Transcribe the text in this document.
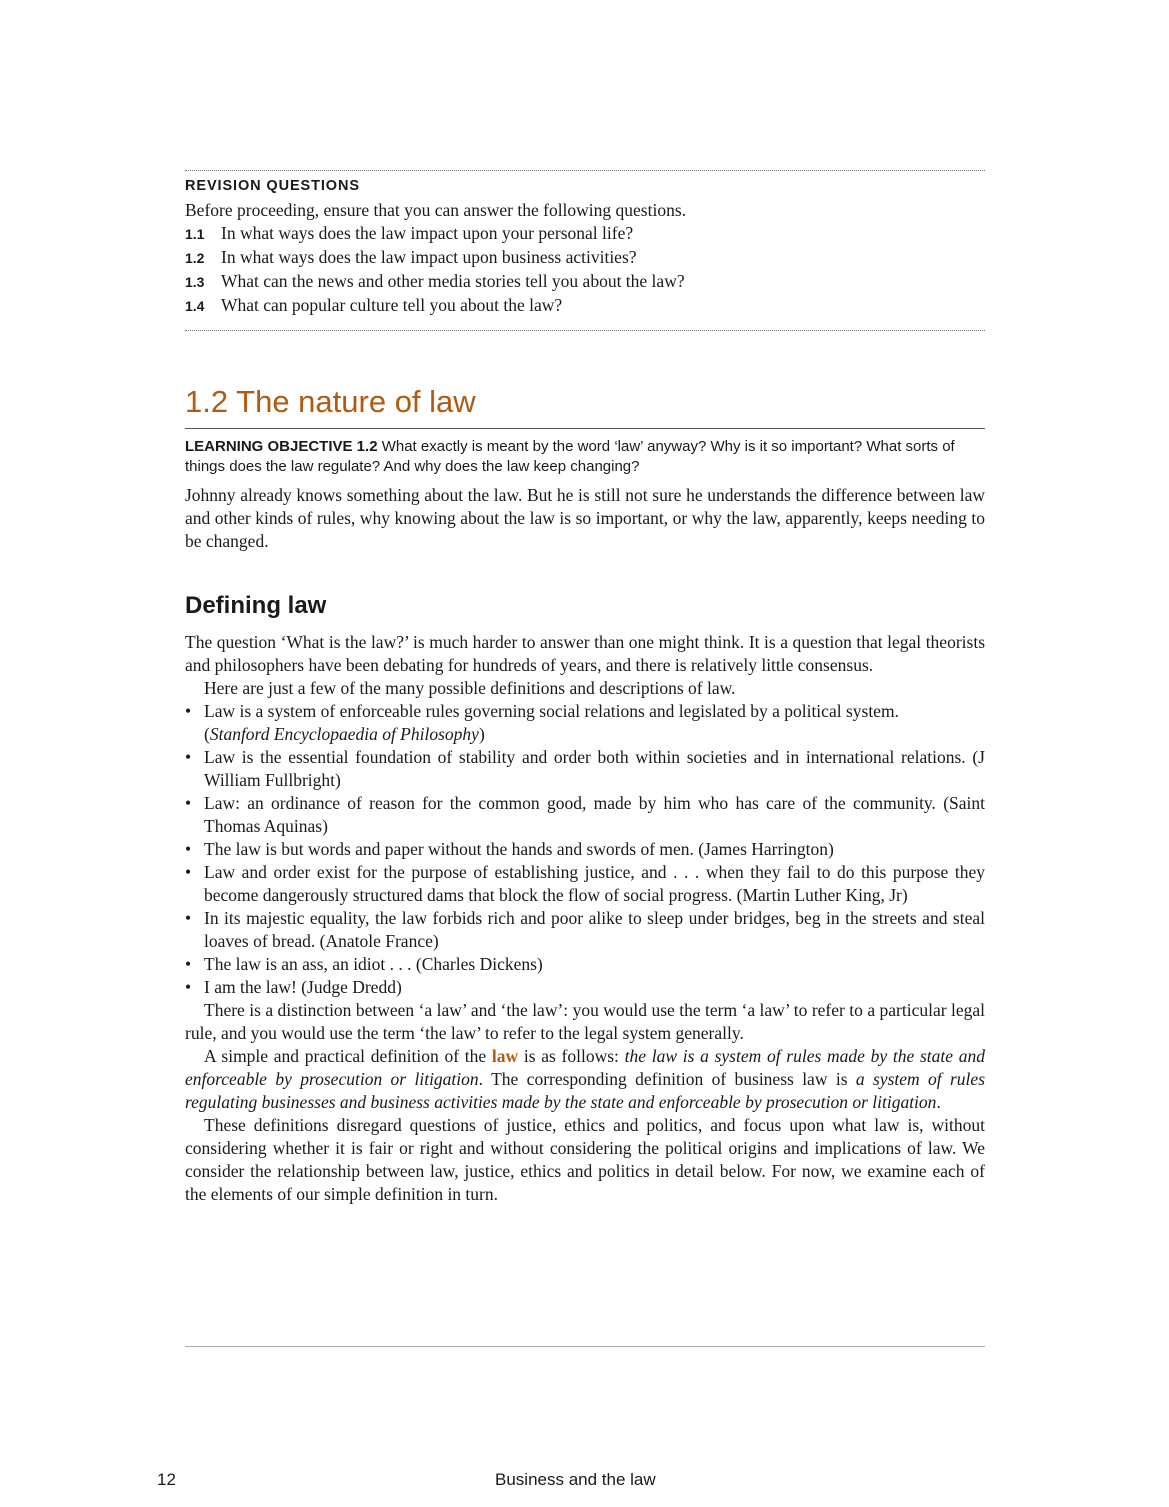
REVISION QUESTIONS

Before proceeding, ensure that you can answer the following questions.

1.1 In what ways does the law impact upon your personal life?

1.2 In what ways does the law impact upon business activities?

1.3 What can the news and other media stories tell you about the law?

1.4 What can popular culture tell you about the law?

1.2 The nature of law

LEARNING OBJECTIVE 1.2 What exactly is meant by the word ‘law’ anyway? Why is it so important? What sorts of things does the law regulate? And why does the law keep changing?

Johnny already knows something about the law. But he is still not sure he understands the difference between law and other kinds of rules, why knowing about the law is so important, or why the law, apparently, keeps needing to be changed.

Defining law

The question ‘What is the law?’ is much harder to answer than one might think. It is a question that legal theorists and philosophers have been debating for hundreds of years, and there is relatively little consensus.

Here are just a few of the many possible definitions and descriptions of law.

• Law is a system of enforceable rules governing social relations and legislated by a political system.
(Stanford Encyclopaedia of Philosophy)
• Law is the essential foundation of stability and order both within societies and in international relations. (J William Fullbright)
• Law: an ordinance of reason for the common good, made by him who has care of the community. (Saint Thomas Aquinas)
• The law is but words and paper without the hands and swords of men. (James Harrington)
• Law and order exist for the purpose of establishing justice, and . . . when they fail to do this purpose they become dangerously structured dams that block the flow of social progress. (Martin Luther King, Jr)
• In its majestic equality, the law forbids rich and poor alike to sleep under bridges, beg in the streets and steal loaves of bread. (Anatole France)
• The law is an ass, an idiot . . . (Charles Dickens)
• I am the law! (Judge Dredd)

There is a distinction between ‘a law’ and ‘the law’: you would use the term ‘a law’ to refer to a particular legal rule, and you would use the term ‘the law’ to refer to the legal system generally.

A simple and practical definition of the law is as follows: the law is a system of rules made by the state and enforceable by prosecution or litigation. The corresponding definition of business law is a system of rules regulating businesses and business activities made by the state and enforceable by prosecution or litigation.

These definitions disregard questions of justice, ethics and politics, and focus upon what law is, without considering whether it is fair or right and without considering the political origins and implications of law. We consider the relationship between law, justice, ethics and politics in detail below. For now, we examine each of the elements of our simple definition in turn.

12	Business and the law
